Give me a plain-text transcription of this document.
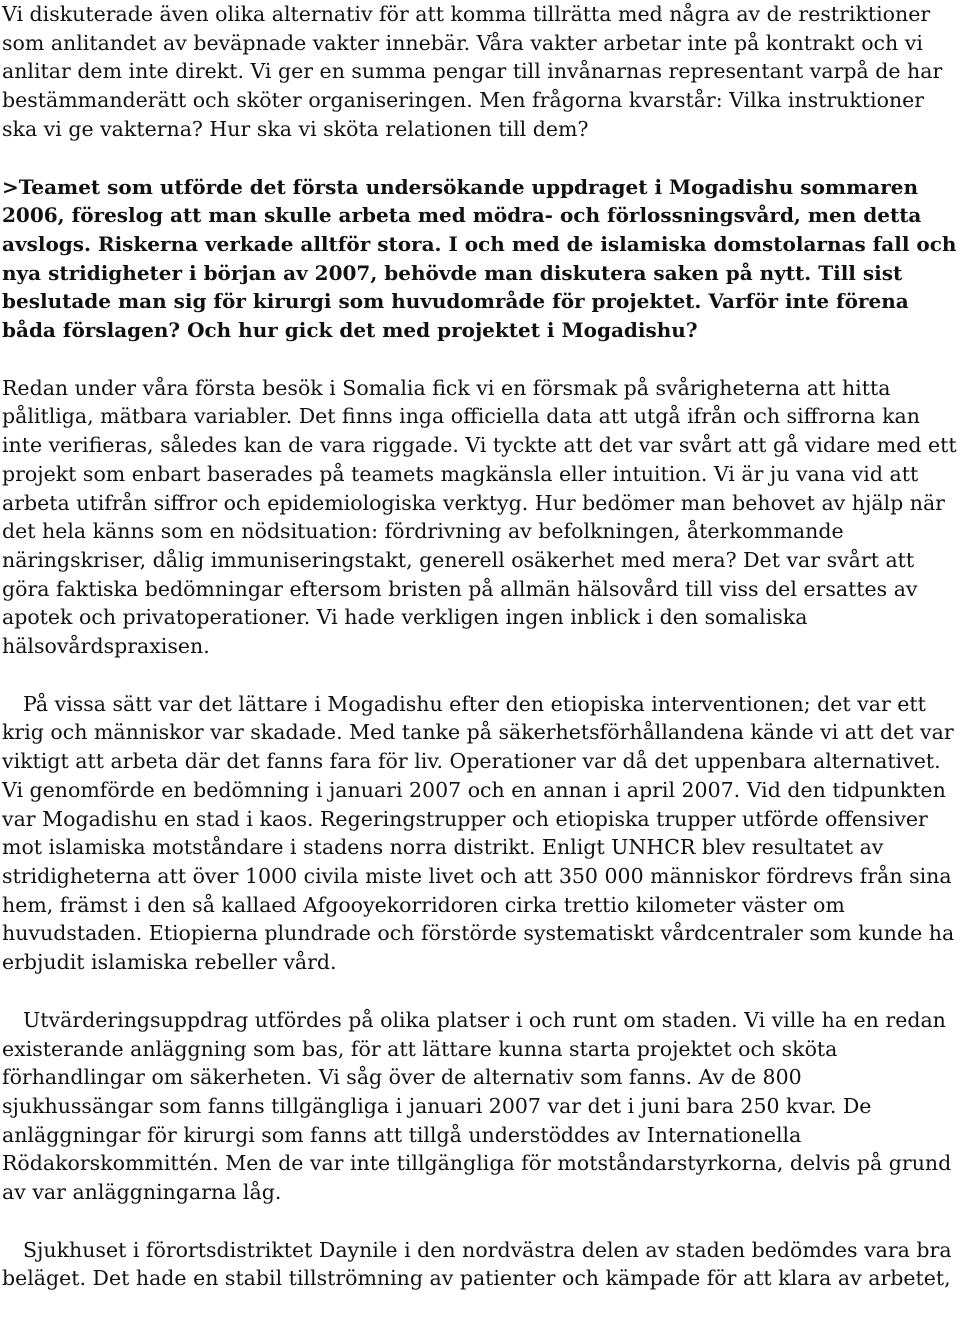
Vi diskuterade även olika alternativ för att komma tillrätta med några av de restriktioner som anlitandet av beväpnade vakter innebär. Våra vakter arbetar inte på kontrakt och vi anlitar dem inte direkt. Vi ger en summa pengar till invånarnas representant varpå de har bestämmanderätt och sköter organiseringen. Men frågorna kvarstår: Vilka instruktioner ska vi ge vakterna? Hur ska vi sköta relationen till dem?

>Teamet som utförde det första undersökande uppdraget i Mogadishu sommaren 2006, föreslog att man skulle arbeta med mödra- och förlossningsvård, men detta avslogs. Riskerna verkade alltför stora. I och med de islamiska domstolarnas fall och nya stridigheter i början av 2007, behövde man diskutera saken på nytt. Till sist beslutade man sig för kirurgi som huvudområde för projektet. Varför inte förena båda förslagen? Och hur gick det med projektet i Mogadishu?

Redan under våra första besök i Somalia fick vi en försmak på svårigheterna att hitta pålitliga, mätbara variabler. Det finns inga officiella data att utgå ifrån och siffrorna kan inte verifieras, således kan de vara riggade. Vi tyckte att det var svårt att gå vidare med ett projekt som enbart baserades på teamets magkänsla eller intuition. Vi är ju vana vid att arbeta utifrån siffror och epidemiologiska verktyg. Hur bedömer man behovet av hjälp när det hela känns som en nödsituation: fördrivning av befolkningen, återkommande näringskriser, dålig immuniseringstakt, generell osäkerhet med mera? Det var svårt att göra faktiska bedömningar eftersom bristen på allmän hälsovård till viss del ersattes av apotek och privatoperationer. Vi hade verkligen ingen inblick i den somaliska hälsovårdspraxisen.

På vissa sätt var det lättare i Mogadishu efter den etiopiska interventionen; det var ett krig och människor var skadade. Med tanke på säkerhetsförhållandena kände vi att det var viktigt att arbeta där det fanns fara för liv. Operationer var då det uppenbara alternativet. Vi genomförde en bedömning i januari 2007 och en annan i april 2007. Vid den tidpunkten var Mogadishu en stad i kaos. Regeringstrupper och etiopiska trupper utförde offensiver mot islamiska motståndare i stadens norra distrikt. Enligt UNHCR blev resultatet av stridigheterna att över 1000 civila miste livet och att 350 000 människor fördrevs från sina hem, främst i den så kallaed Afgooyekorridoren cirka trettio kilometer väster om huvudstaden. Etiopierna plundrade och förstörde systematiskt vårdcentraler som kunde ha erbjudit islamiska rebeller vård.

Utvärderingsuppdrag utfördes på olika platser i och runt om staden. Vi ville ha en redan existerande anläggning som bas, för att lättare kunna starta projektet och sköta förhandlingar om säkerheten. Vi såg över de alternativ som fanns. Av de 800 sjukhussängar som fanns tillgängliga i januari 2007 var det i juni bara 250 kvar. De anläggningar för kirurgi som fanns att tillgå understöddes av Internationella Rödakorskommittén. Men de var inte tillgängliga för motståndarstyrkorna, delvis på grund av var anläggningarna låg.

Sjukhuset i förortsdistriktet Daynile i den nordvästra delen av staden bedömdes vara bra beläget. Det hade en stabil tillströmning av patienter och kämpade för att klara av arbetet,
